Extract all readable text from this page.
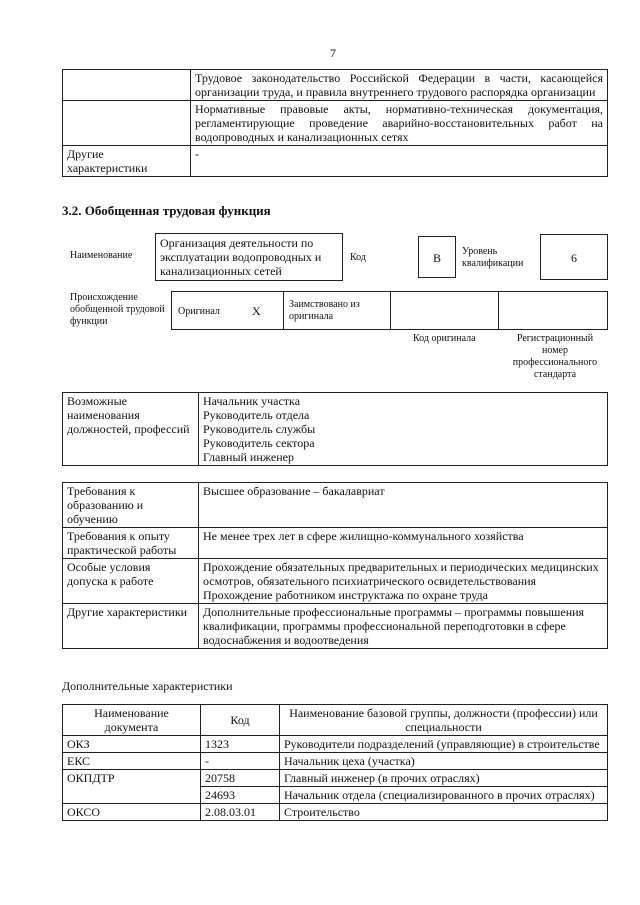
7
	Трудовое законодательство Российской Федерации в части, касающейся организации труда, и правила внутреннего трудового распорядка организации
	Нормативные правовые акты, нормативно-техническая документация, регламентирующие проведение аварийно-восстановительных работ на водопроводных и канализационных сетях
Другие характеристики	-
3.2. Обобщенная трудовая функция
Наименование
Организация деятельности по эксплуатации водопроводных и канализационных сетей
Код	B	Уровень квалификации	6
Происхождение обобщенной трудовой функции
Оригинал	X	Заимствовано из оригинала
Код оригинала	Регистрационный номер профессионального стандарта
Возможные наименования должностей, профессий	
Начальник участка
Руководитель отдела
Руководитель службы
Руководитель сектора
Главный инженер
Требования к образованию и обучению	Высшее образование – бакалавриат

Требования к опыту практической работы	Не менее трех лет в сфере жилищно-коммунального хозяйства

Особые условия допуска к работе	Прохождение обязательных предварительных и периодических медицинских осмотров, обязательного психиатрического освидетельствования
Прохождение работником инструктажа по охране труда

Другие характеристики	Дополнительные профессиональные программы – программы повышения квалификации, программы профессиональной переподготовки в сфере водоснабжения и водоотведения
Дополнительные характеристики
Наименование документа	Код	Наименование базовой группы, должности (профессии) или специальности
ОКЗ	1323	Руководители подразделений (управляющие) в строительстве
ЕКС	-	Начальник цеха (участка)
ОКПДТР	20758	Главный инженер (в прочих отраслях)
	24693	Начальник отдела (специализированного в прочих отраслях)
ОКСО	2.08.03.01	Строительство
